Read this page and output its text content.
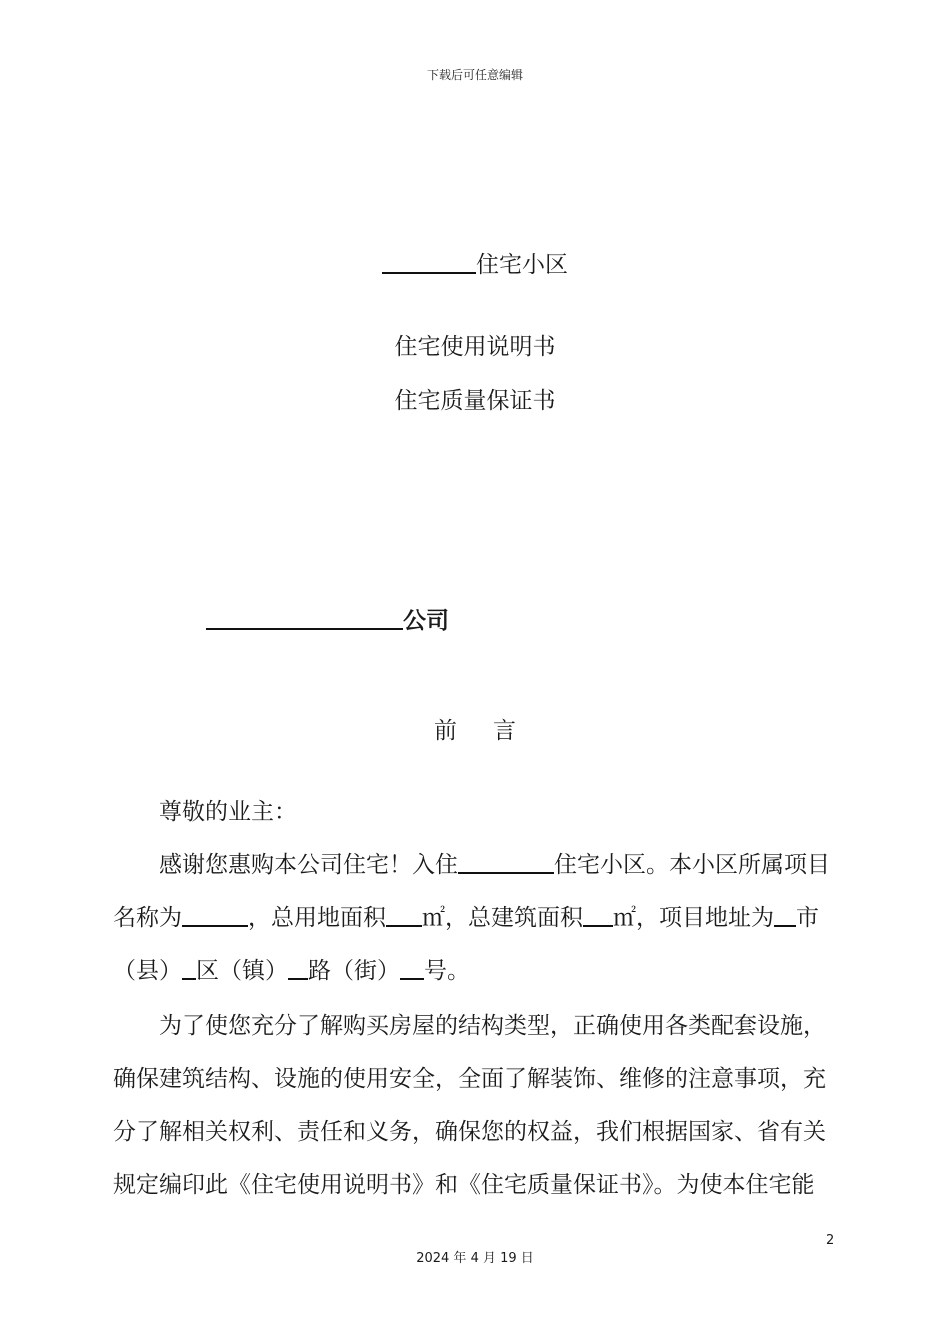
下载后可任意编辑
住宅小区
住宅使用说明书
住宅质量保证书
公司
前 言
尊敬的业主：
感谢您惠购本公司住宅！入住	住宅小区。本小区所属项目
名称为	，总用地面积 ㎡，总建筑面积 ㎡，项目地址为 市
（县） 区（镇） 路（街） 号。
为了使您充分了解购买房屋的结构类型，正确使用各类配套设施，
确保建筑结构、设施的使用安全，全面了解装饰、维修的注意事项，充
分了解相关权利、责任和义务，确保您的权益，我们根据国家、省有关
规定编印此《住宅使用说明书》和《住宅质量保证书》。为使本住宅能
2
2024 年 4 月 19 日
